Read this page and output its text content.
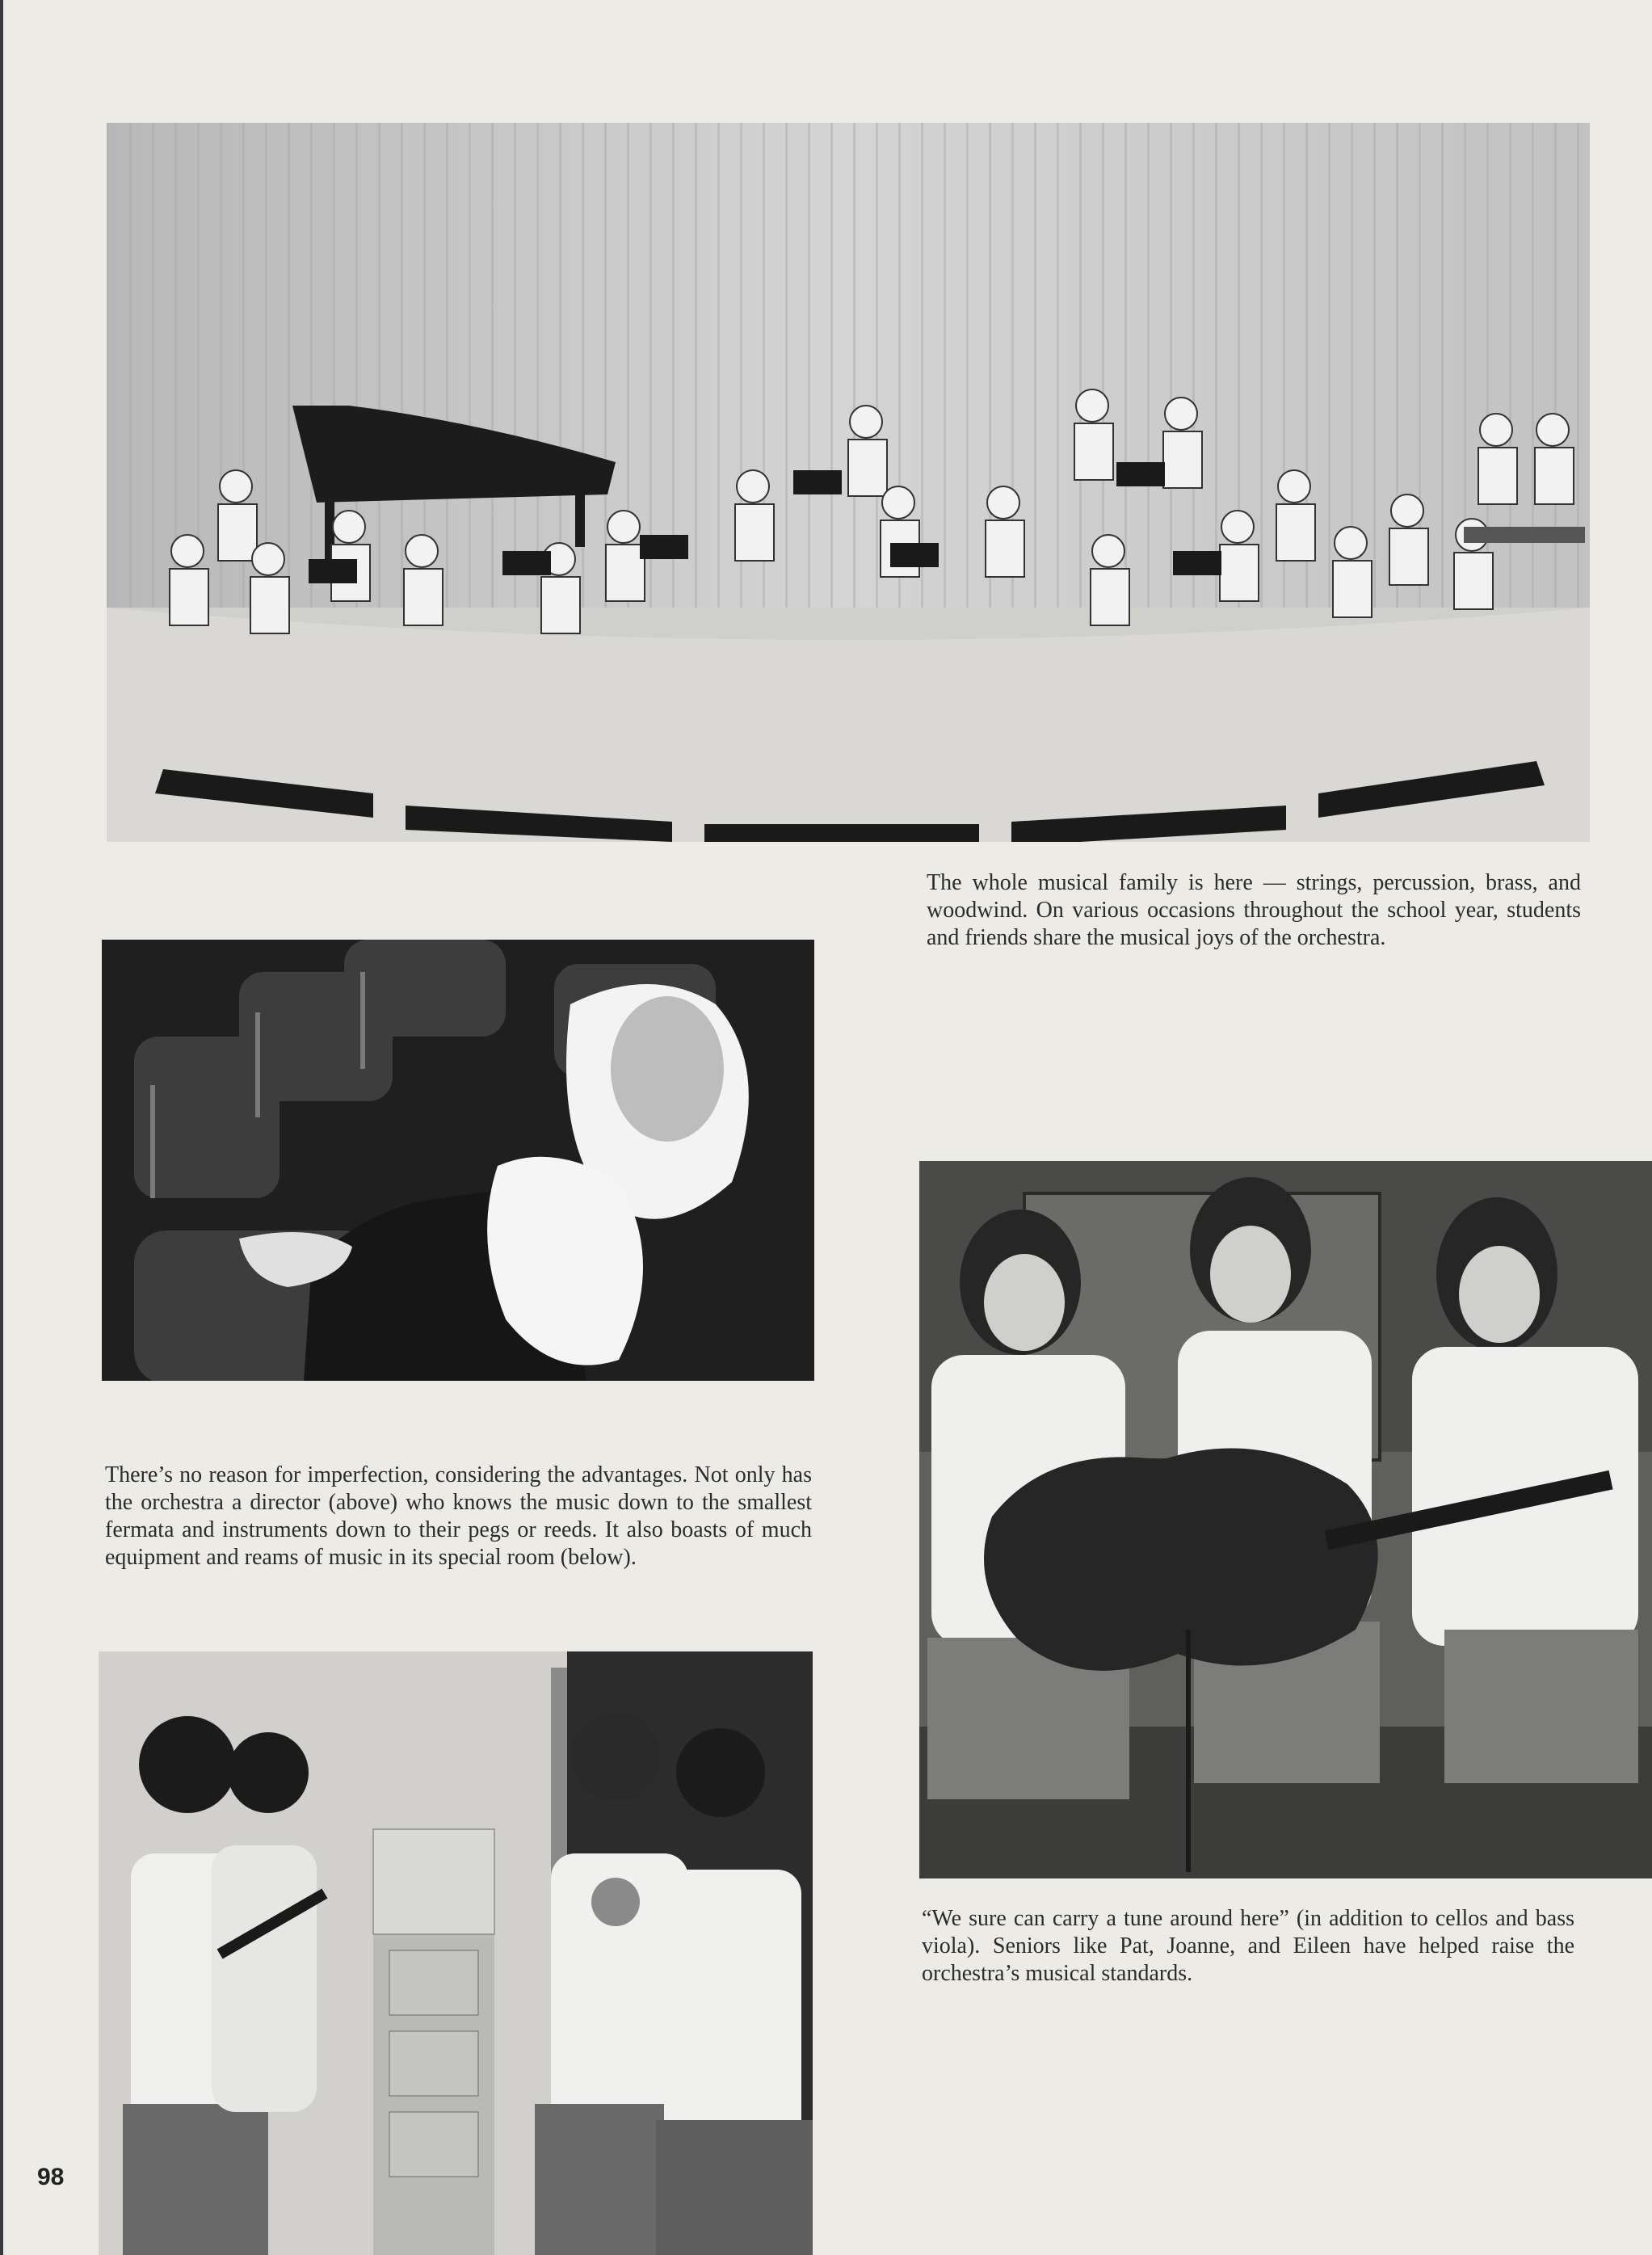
The whole musical family is here — strings, percussion, brass, and woodwind. On various occasions throughout the school year, students and friends share the musical joys of the orchestra.

There’s no reason for imperfection, considering the advantages. Not only has the orchestra a director (above) who knows the music down to the smallest fermata and instruments down to their pegs or reeds. It also boasts of much equipment and reams of music in its special room (below).

“We sure can carry a tune around here” (in addition to cellos and bass viola). Seniors like Pat, Joanne, and Eileen have helped raise the orchestra’s musical standards.

98
